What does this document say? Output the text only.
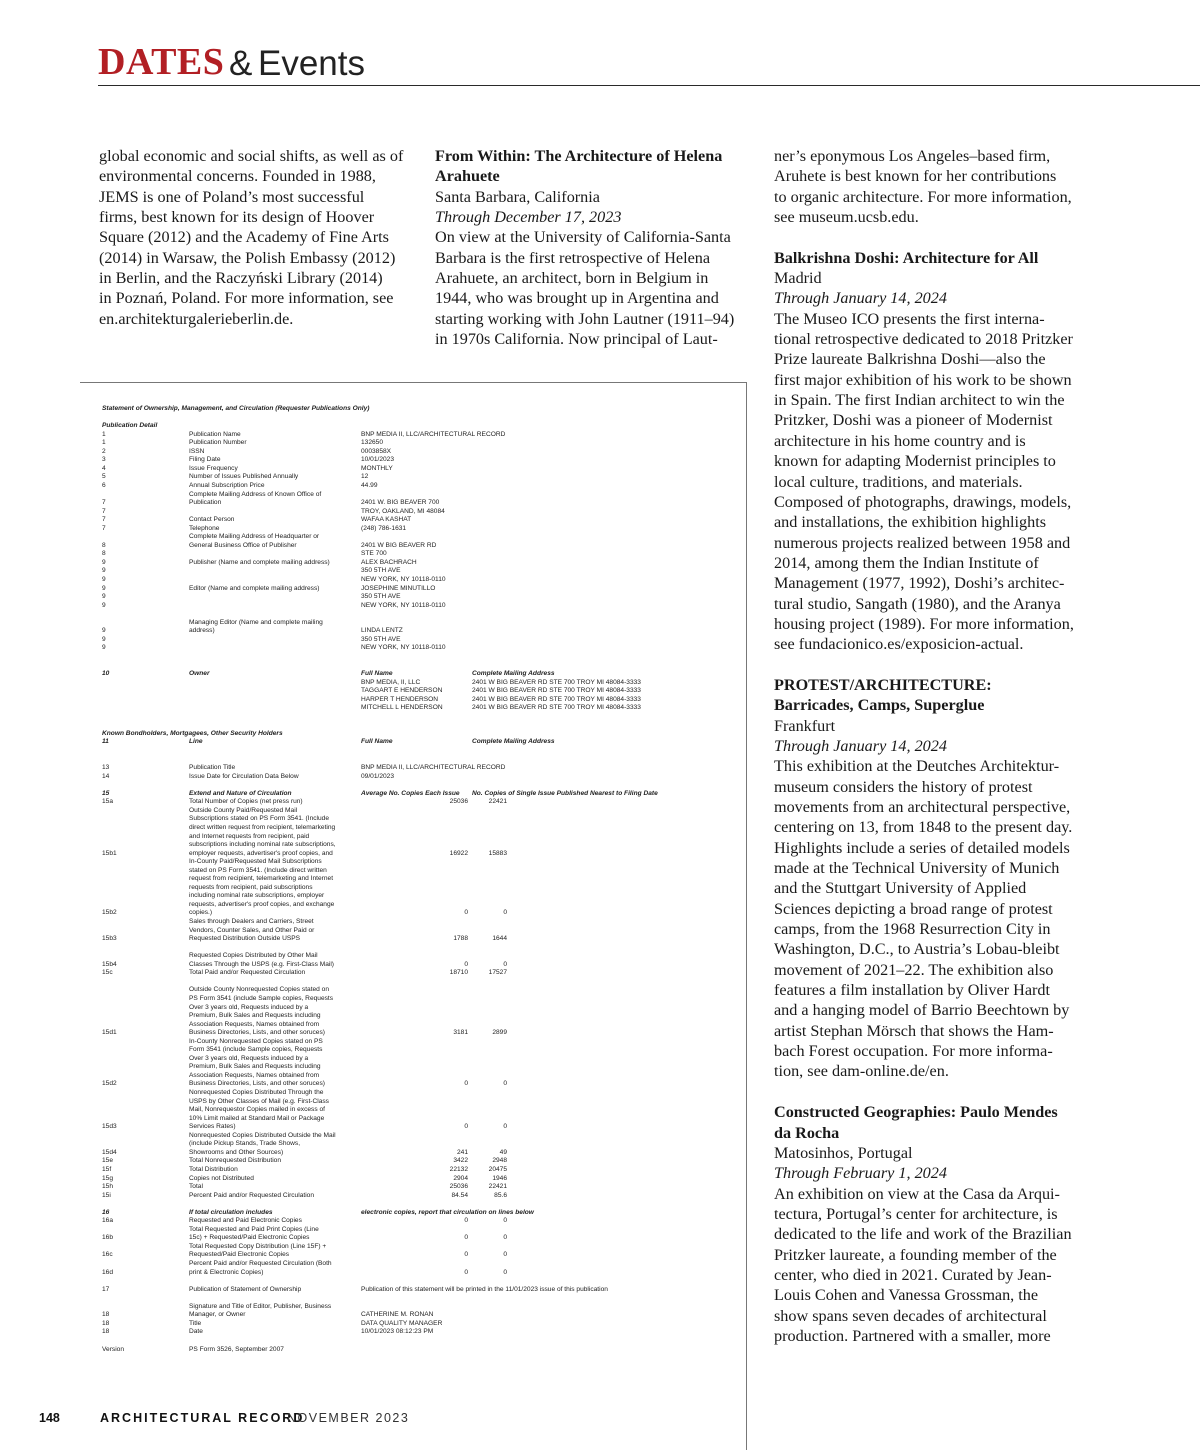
DATES & Events
global economic and social shifts, as well as of
environmental concerns. Founded in 1988,
JEMS is one of Poland’s most successful
firms, best known for its design of Hoover
Square (2012) and the Academy of Fine Arts
(2014) in Warsaw, the Polish Embassy (2012)
in Berlin, and the Raczyński Library (2014)
in Poznań, Poland. For more information, see
en.architekturgalerieberlin.de.
From Within: The Architecture of Helena
Arahuete
Santa Barbara, California
Through December 17, 2023
On view at the University of California-Santa
Barbara is the first retrospective of Helena
Arahuete, an architect, born in Belgium in
1944, who was brought up in Argentina and
starting working with John Lautner (1911–94)
in 1970s California. Now principal of Laut-
ner’s eponymous Los Angeles–based firm,
Aruhete is best known for her contributions
to organic architecture. For more information,
see museum.ucsb.edu.
Balkrishna Doshi: Architecture for All
Madrid
Through January 14, 2024
The Museo ICO presents the first interna-
tional retrospective dedicated to 2018 Pritzker
Prize laureate Balkrishna Doshi—also the
first major exhibition of his work to be shown
in Spain. The first Indian architect to win the
Pritzker, Doshi was a pioneer of Modernist
architecture in his home country and is
known for adapting Modernist principles to
local culture, traditions, and materials.
Composed of photographs, drawings, models,
and installations, the exhibition highlights
numerous projects realized between 1958 and
2014, among them the Indian Institute of
Management (1977, 1992), Doshi’s architec-
tural studio, Sangath (1980), and the Aranya
housing project (1989). For more information,
see fundacionico.es/exposicion-actual.
PROTEST/ARCHITECTURE:
Barricades, Camps, Superglue
Frankfurt
Through January 14, 2024
This exhibition at the Deutches Architektur-
museum considers the history of protest
movements from an architectural perspective,
centering on 13, from 1848 to the present day.
Highlights include a series of detailed models
made at the Technical University of Munich
and the Stuttgart University of Applied
Sciences depicting a broad range of protest
camps, from the 1968 Resurrection City in
Washington, D.C., to Austria’s Lobau-bleibt
movement of 2021–22. The exhibition also
features a film installation by Oliver Hardt
and a hanging model of Barrio Beechtown by
artist Stephan Mörsch that shows the Ham-
bach Forest occupation. For more informa-
tion, see dam-online.de/en.
Constructed Geographies: Paulo Mendes
da Rocha
Matosinhos, Portugal
Through February 1, 2024
An exhibition on view at the Casa da Arqui-
tectura, Portugal’s center for architecture, is
dedicated to the life and work of the Brazilian
Pritzker laureate, a founding member of the
center, who died in 2021. Curated by Jean-
Louis Cohen and Vanessa Grossman, the
show spans seven decades of architectural
production. Partnered with a smaller, more
Statement of Ownership, Management, and Circulation (Requester Publications Only)
Publication Detail
1	Publication Name	BNP MEDIA II, LLC/ARCHITECTURAL RECORD
1	Publication Number	132650
2	ISSN	0003858X
3	Filing Date	10/01/2023
4	Issue Frequency	MONTHLY
5	Number of Issues Published Annually	12
6	Annual Subscription Price	44.99
Complete Mailing Address of Known Office of
7	Publication	2401 W. BIG BEAVER 700
7	TROY, OAKLAND, MI 48084
7	Contact Person	WAFAA KASHAT
7	Telephone	(248) 786-1631
Complete Mailing Address of Headquarter or
8	General Business Office of Publisher	2401 W BIG BEAVER RD
8	STE 700
9	Publisher (Name and complete mailing address)	ALEX BACHRACH
9	350 5TH AVE
9	NEW YORK, NY 10118-0110
9	Editor (Name and complete mailing address)	JOSEPHINE MINUTILLO
9	350 5TH AVE
9	NEW YORK, NY 10118-0110
Managing Editor (Name and complete mailing
9	address)	LINDA LENTZ
9	350 5TH AVE
9	NEW YORK, NY 10118-0110
10	Owner	Full Name	Complete Mailing Address
BNP MEDIA, II, LLC	2401 W BIG BEAVER RD STE 700 TROY MI 48084-3333
TAGGART E HENDERSON	2401 W BIG BEAVER RD STE 700 TROY MI 48084-3333
HARPER T HENDERSON	2401 W BIG BEAVER RD STE 700 TROY MI 48084-3333
MITCHELL L HENDERSON	2401 W BIG BEAVER RD STE 700 TROY MI 48084-3333
Known Bondholders, Mortgagees, Other Security Holders
11	Line	Full Name	Complete Mailing Address
13	Publication Title	BNP MEDIA II, LLC/ARCHITECTURAL RECORD
14	Issue Date for Circulation Data Below	09/01/2023
15	Extend and Nature of Circulation	Average No. Copies Each Issue No. Copies of Single Issue Published Nearest to Filing Date
15a	Total Number of Copies (net press run)	25036	22421
Outside County Paid/Requested Mail
Subscriptions stated on PS Form 3541. (Include
direct written request from recipient, telemarketing
and Internet requests from recipient, paid
subscriptions including nominal rate subscriptions,
15b1	employer requests, advertiser's proof copies, and	16922	15883
In-County Paid/Requested Mail Subscriptions
stated on PS Form 3541. (Include direct written
request from recipient, telemarketing and Internet
requests from recipient, paid subscriptions
including nominal rate subscriptions, employer
requests, advertiser's proof copies, and exchange
15b2	copies.)	0	0
Sales through Dealers and Carriers, Street
Vendors, Counter Sales, and Other Paid or
15b3	Requested Distribution Outside USPS	1788	1644
Requested Copies Distributed by Other Mail
15b4	Classes Through the USPS (e.g. First-Class Mail)	0	0
15c	Total Paid and/or Requested Circulation	18710	17527
Outside County Nonrequested Copies stated on
PS Form 3541 (include Sample copies, Requests
Over 3 years old, Requests induced by a
Premium, Bulk Sales and Requests including
Association Requests, Names obtained from
15d1	Business Directories, Lists, and other soruces)	3181	2899
In-County Nonrequested Copies stated on PS
Form 3541 (include Sample copies, Requests
Over 3 years old, Requests induced by a
Premium, Bulk Sales and Requests including
Association Requests, Names obtained from
15d2	Business Directories, Lists, and other soruces)	0	0
Nonrequested Copies Distributed Through the
USPS by Other Classes of Mail (e.g. First-Class
Mail, Nonrequestor Copies mailed in excess of
10% Limit mailed at Standard Mail or Package
15d3	Services Rates)	0	0
Nonrequested Copies Distributed Outside the Mail
(include Pickup Stands, Trade Shows,
15d4	Showrooms and Other Sources)	241	49
15e	Total Nonrequested Distribution	3422	2948
15f	Total Distribution	22132	20475
15g	Copies not Distributed	2904	1946
15h	Total	25036	22421
15i	Percent Paid and/or Requested Circulation	84.54	85.6
16	If total circulation includes	electronic copies, report that circulation on lines below
16a	Requested and Paid Electronic Copies	0	0
Total Requested and Paid Print Copies (Line
16b	15c) + Requested/Paid Electronic Copies	0	0
Total Requested Copy Distribution (Line 15F) +
16c	Requested/Paid Electronic Copies	0	0
Percent Paid and/or Requested Circulation (Both
16d	print & Electronic Copies)	0	0
17	Publication of Statement of Ownership	Publication of this statement will be printed in the 11/01/2023 issue of this publication
Signature and Title of Editor, Publisher, Business
18	Manager, or Owner	CATHERINE M. RONAN
18	Title	DATA QUALITY MANAGER
18	Date	10/01/2023 08:12:23 PM
Version	PS Form 3526, September 2007
148	ARCHITECTURAL RECORD
NOVEMBER 2023
